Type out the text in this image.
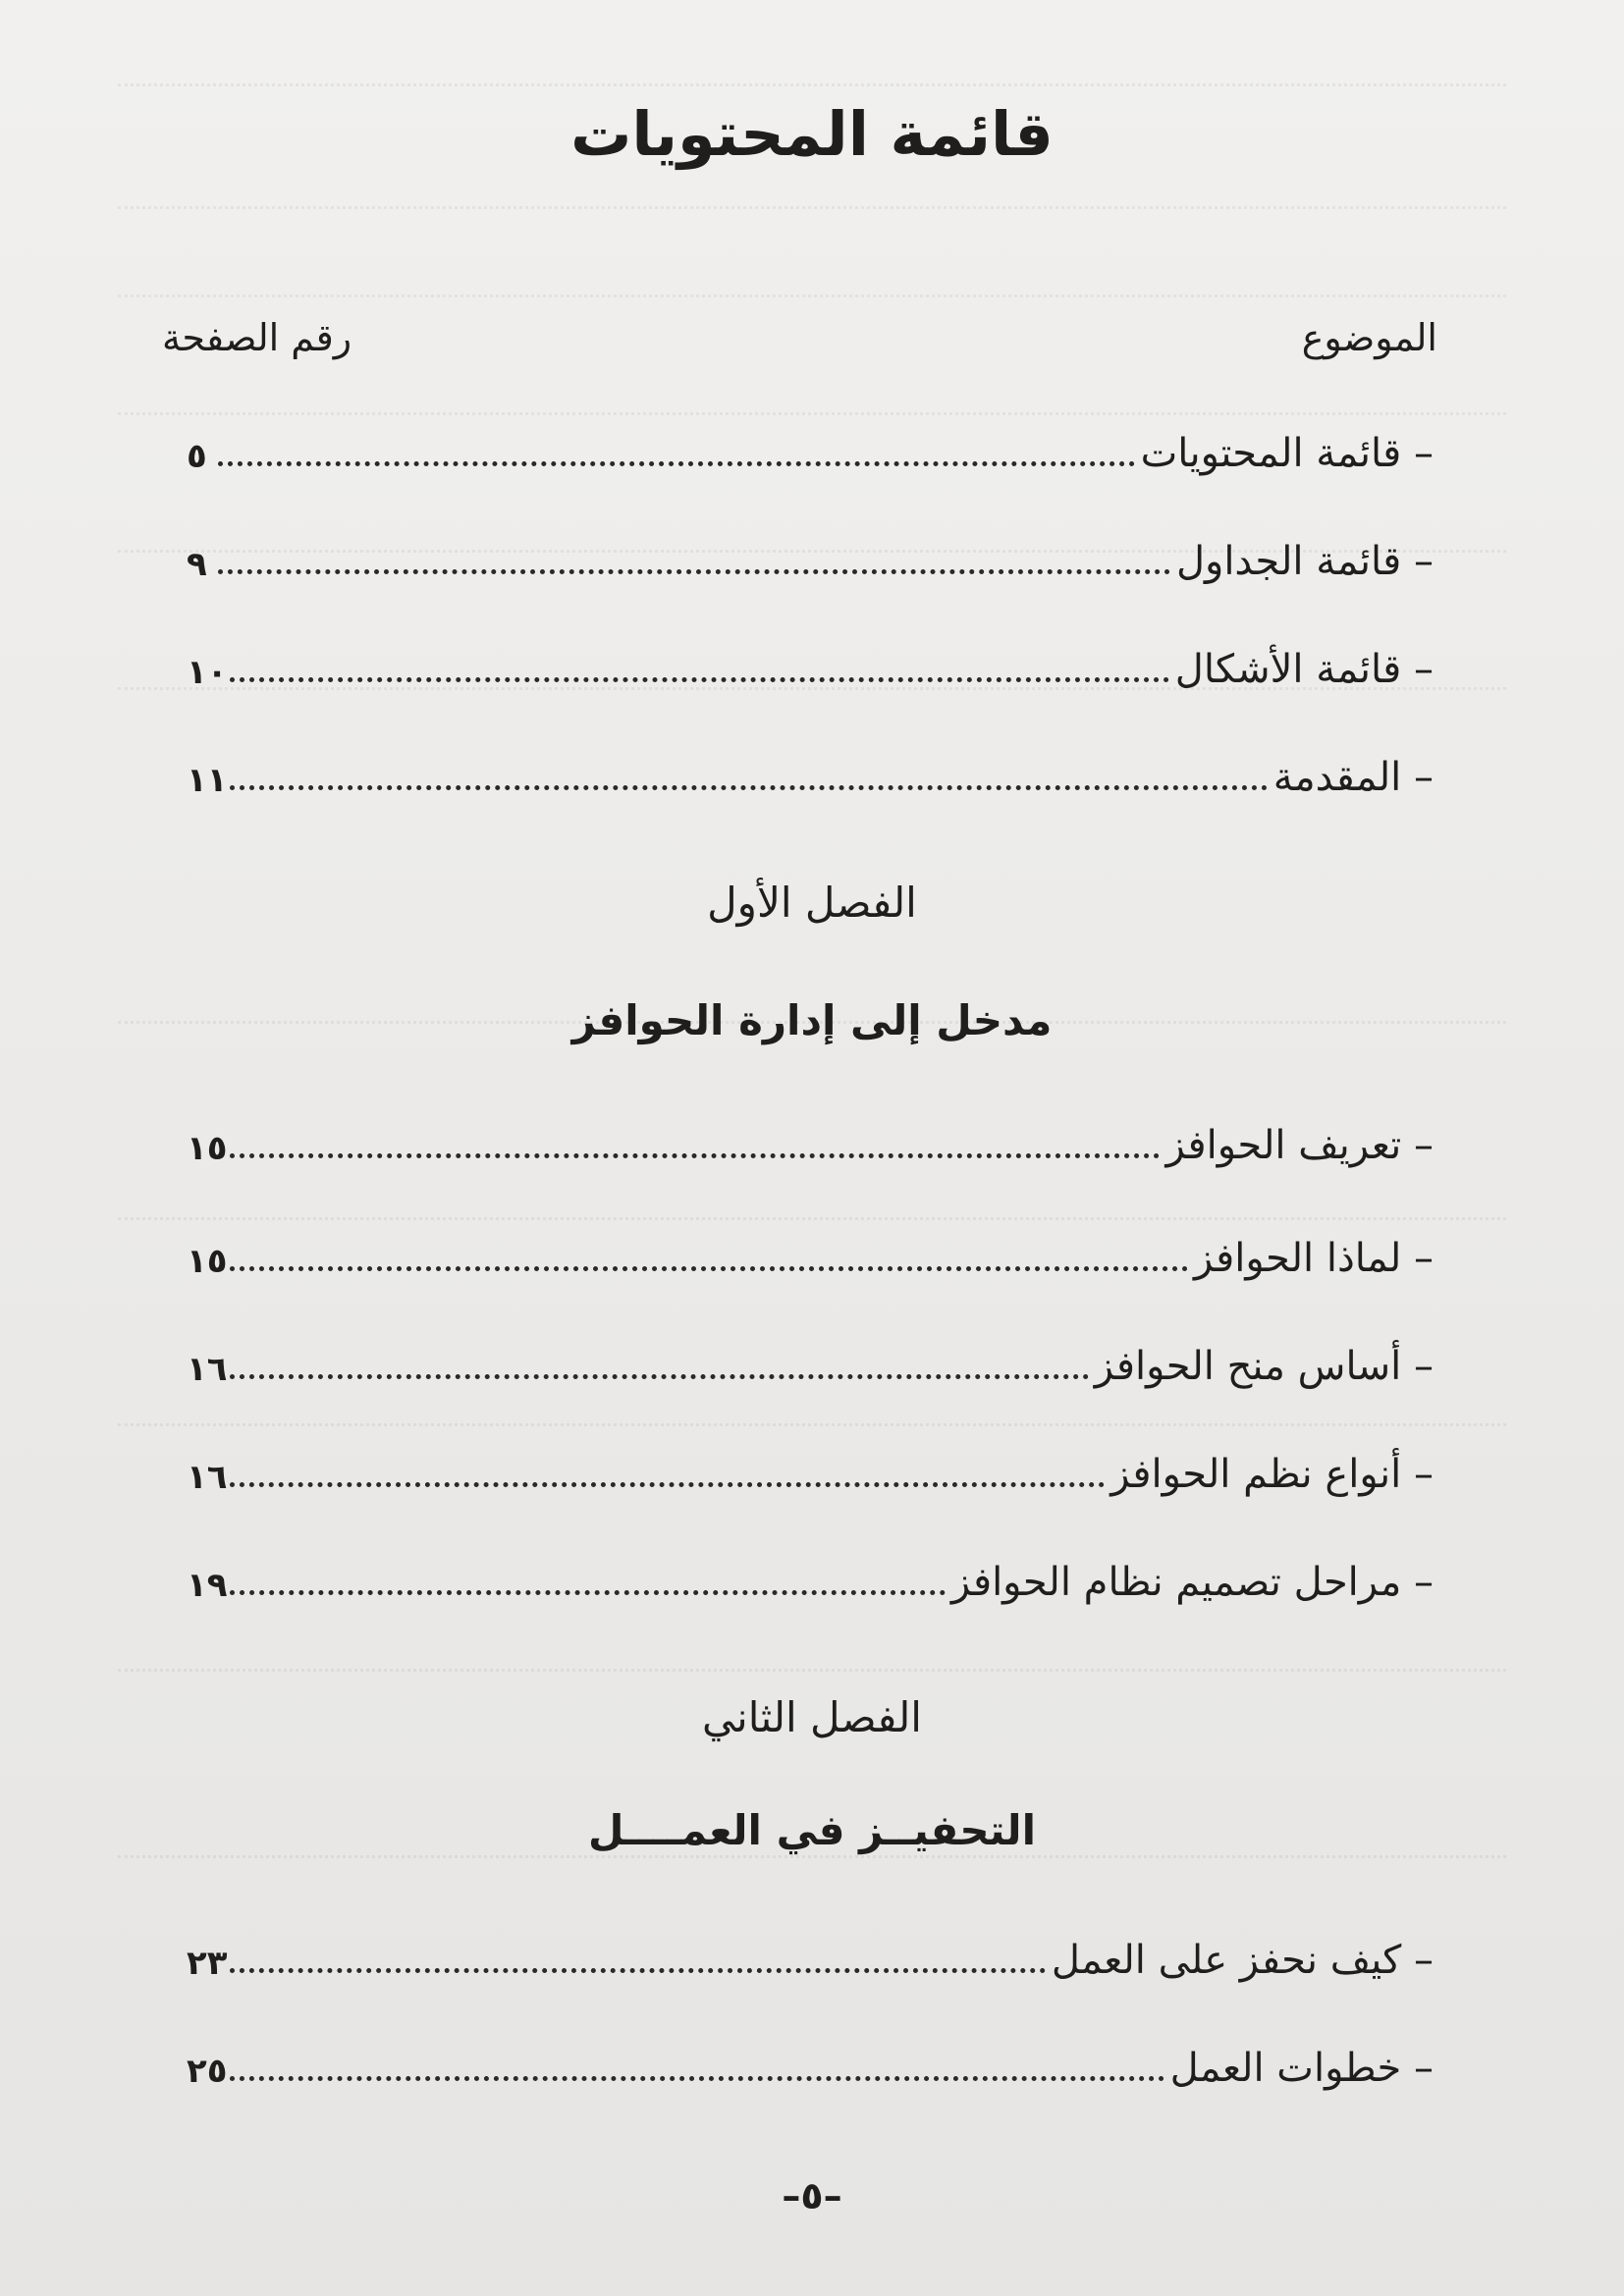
قائمة المحتويات
الموضوع
رقم الصفحة
– قائمة المحتويات
٥
– قائمة الجداول
٩
– قائمة الأشكال
١٠
– المقدمة
١١
الفصل الأول
مدخل إلى إدارة الحوافز
– تعريف الحوافز
١٥
– لماذا الحوافز
١٥
– أساس منح الحوافز
١٦
– أنواع نظم الحوافز
١٦
– مراحل تصميم نظام الحوافز
١٩
الفصل الثاني
التحفيــز في العمــــل
– كيف نحفز على العمل
٢٣
– خطوات العمل
٢٥
–٥–
